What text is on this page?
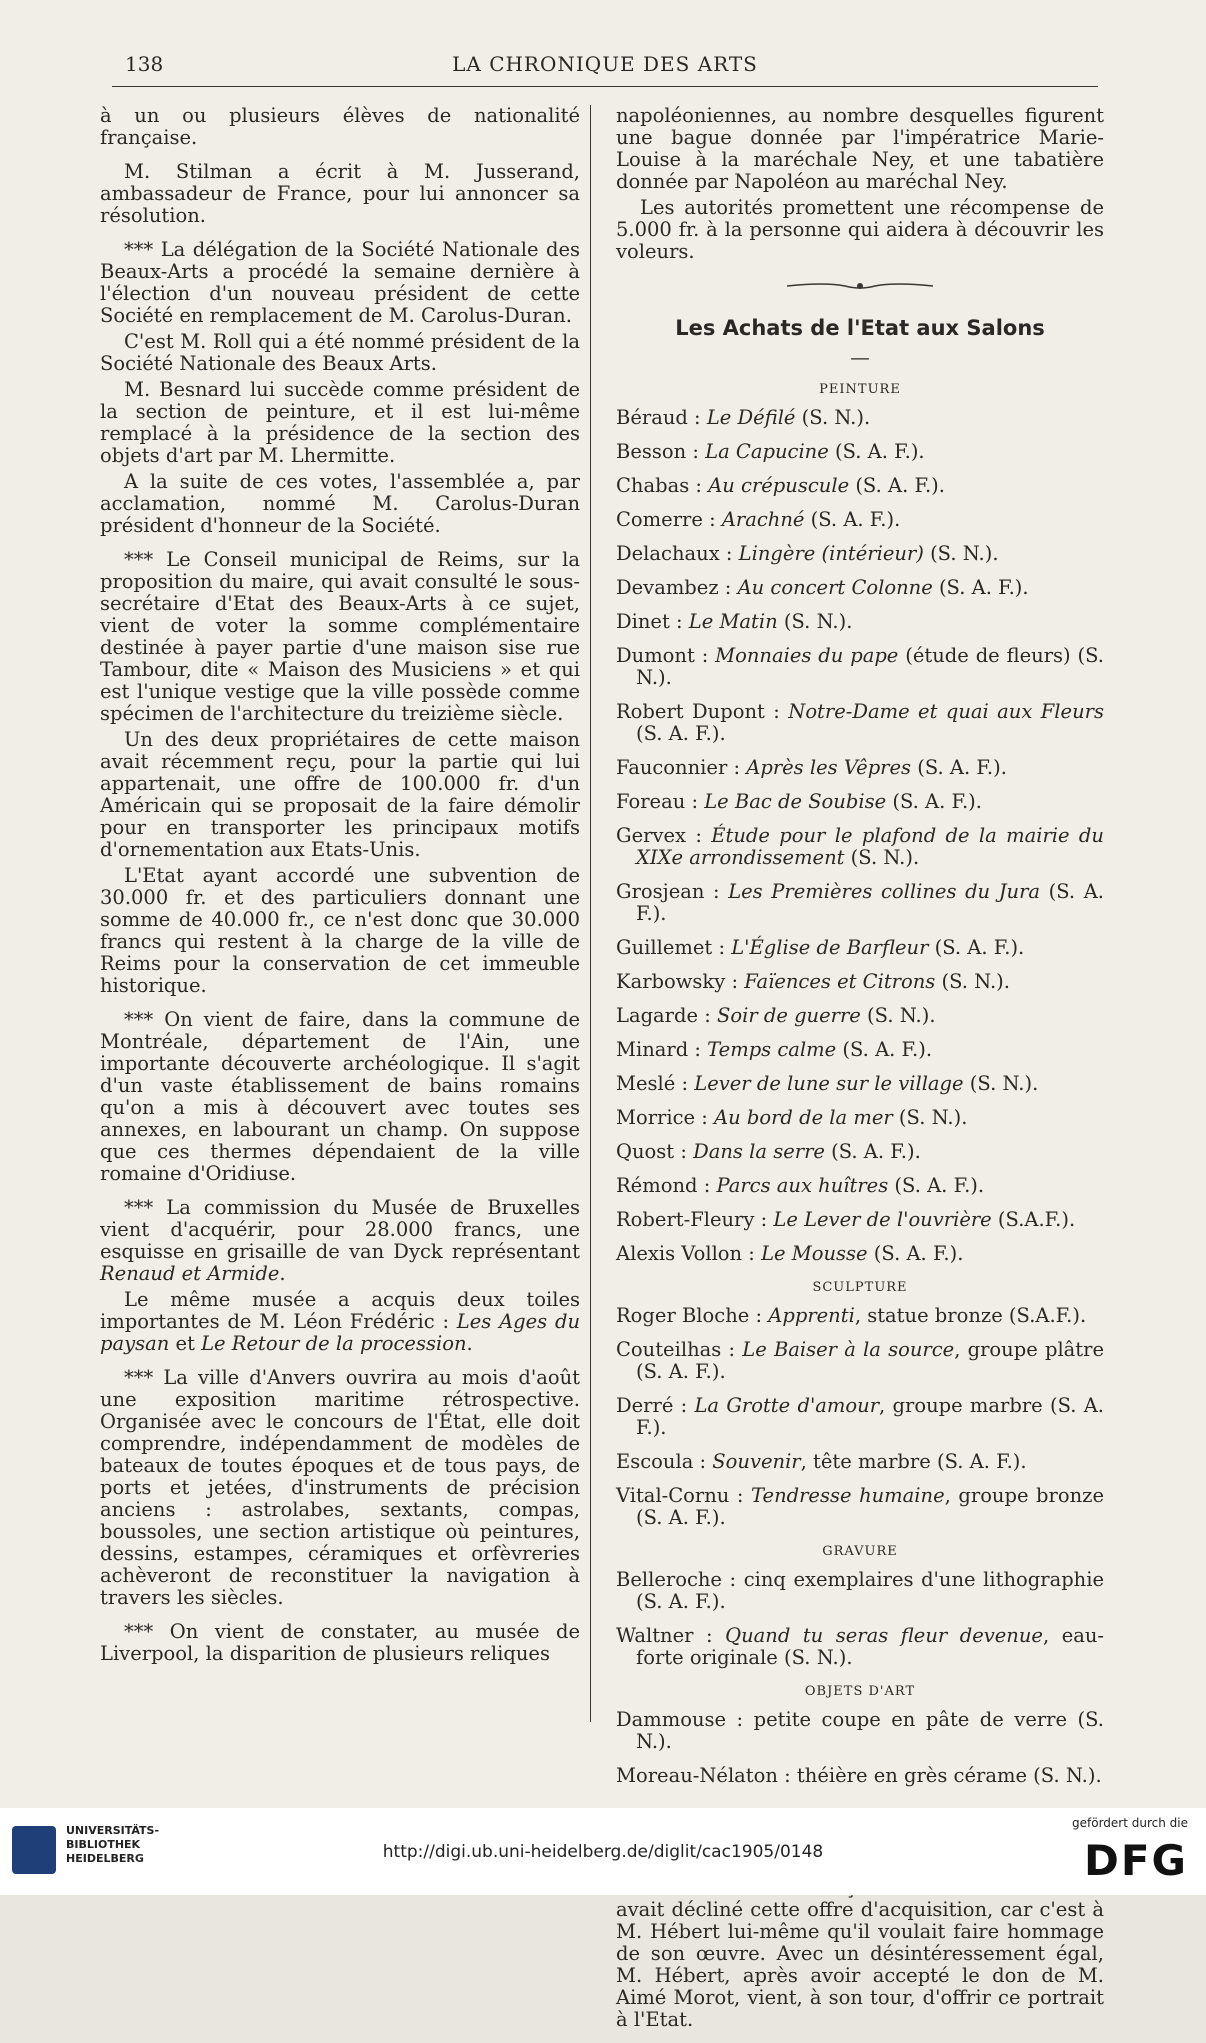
138	LA CHRONIQUE DES ARTS

à un ou plusieurs élèves de nationalité française.

M. Stilman a écrit à M. Jusserand, ambassadeur de France, pour lui annoncer sa résolution.

*** La délégation de la Société Nationale des Beaux-Arts a procédé la semaine dernière à l'élection d'un nouveau président de cette Société en remplacement de M. Carolus-Duran.

C'est M. Roll qui a été nommé président de la Société Nationale des Beaux Arts.

M. Besnard lui succède comme président de la section de peinture, et il est lui-même remplacé à la présidence de la section des objets d'art par M. Lhermitte.

A la suite de ces votes, l'assemblée a, par acclamation, nommé M. Carolus-Duran président d'honneur de la Société.

*** Le Conseil municipal de Reims, sur la proposition du maire, qui avait consulté le sous-secrétaire d'Etat des Beaux-Arts à ce sujet, vient de voter la somme complémentaire destinée à payer partie d'une maison sise rue Tambour, dite « Maison des Musiciens » et qui est l'unique vestige que la ville possède comme spécimen de l'architecture du treizième siècle.

Un des deux propriétaires de cette maison avait récemment reçu, pour la partie qui lui appartenait, une offre de 100.000 fr. d'un Américain qui se proposait de la faire démolir pour en transporter les principaux motifs d'ornementation aux Etats-Unis.

L'Etat ayant accordé une subvention de 30.000 fr. et des particuliers donnant une somme de 40.000 fr., ce n'est donc que 30.000 francs qui restent à la charge de la ville de Reims pour la conservation de cet immeuble historique.

*** On vient de faire, dans la commune de Montréale, département de l'Ain, une importante découverte archéologique. Il s'agit d'un vaste établissement de bains romains qu'on a mis à découvert avec toutes ses annexes, en labourant un champ. On suppose que ces thermes dépendaient de la ville romaine d'Oridiuse.

*** La commission du Musée de Bruxelles vient d'acquérir, pour 28.000 francs, une esquisse en grisaille de van Dyck représentant Renaud et Armide.

Le même musée a acquis deux toiles importantes de M. Léon Frédéric : Les Ages du paysan et Le Retour de la procession.

*** La ville d'Anvers ouvrira au mois d'août une exposition maritime rétrospective. Organisée avec le concours de l'État, elle doit comprendre, indépendamment de modèles de bateaux de toutes époques et de tous pays, de ports et jetées, d'instruments de précision anciens : astrolabes, sextants, compas, boussoles, une section artistique où peintures, dessins, estampes, céramiques et orfèvreries achèveront de reconstituer la navigation à travers les siècles.

*** On vient de constater, au musée de Liverpool, la disparition de plusieurs reliques

napoléoniennes, au nombre desquelles figurent une bague donnée par l'impératrice Marie-Louise à la maréchale Ney, et une tabatière donnée par Napoléon au maréchal Ney.

Les autorités promettent une récompense de 5.000 fr. à la personne qui aidera à découvrir les voleurs.

Les Achats de l'Etat aux Salons
—
PEINTURE

Béraud : Le Défilé (S. N.).

Besson : La Capucine (S. A. F.).

Chabas : Au crépuscule (S. A. F.).

Comerre : Arachné (S. A. F.).

Delachaux : Lingère (intérieur) (S. N.).

Devambez : Au concert Colonne (S. A. F.).

Dinet : Le Matin (S. N.).

Dumont : Monnaies du pape (étude de fleurs) (S. N.).

Robert Dupont : Notre-Dame et quai aux Fleurs (S. A. F.).

Fauconnier : Après les Vêpres (S. A. F.).

Foreau : Le Bac de Soubise (S. A. F.).

Gervex : Étude pour le plafond de la mairie du XIXe arrondissement (S. N.).

Grosjean : Les Premières collines du Jura (S. A. F.).

Guillemet : L'Église de Barfleur (S. A. F.).

Karbowsky : Faïences et Citrons (S. N.).

Lagarde : Soir de guerre (S. N.).

Minard : Temps calme (S. A. F.).

Meslé : Lever de lune sur le village (S. N.).

Morrice : Au bord de la mer (S. N.).

Quost : Dans la serre (S. A. F.).

Rémond : Parcs aux huîtres (S. A. F.).

Robert-Fleury : Le Lever de l'ouvrière (S.A.F.).

Alexis Vollon : Le Mousse (S. A. F.).

SCULPTURE

Roger Bloche : Apprenti, statue bronze (S.A.F.).

Couteilhas : Le Baiser à la source, groupe plâtre (S. A. F.).

Derré : La Grotte d'amour, groupe marbre (S. A. F.).

Escoula : Souvenir, tête marbre (S. A. F.).

Vital-Cornu : Tendresse humaine, groupe bronze (S. A. F.).

GRAVURE

Belleroche : cinq exemplaires d'une lithographie (S. A. F.).

Waltner : Quand tu seras fleur devenue, eau-forte originale (S. N.).

OBJETS D'ART

Dammouse : petite coupe en pâte de verre (S. N.).

Moreau-Nélaton : théière en grès cérame (S. N.).

avait décliné cette offre d'acquisition, car c'est à M. Hébert lui-même qu'il voulait faire hommage de son œuvre. Avec un désintéressement égal, M. Hébert, après avoir accepté le don de M. Aimé Morot, vient, à son tour, d'offrir ce portrait à l'Etat.

UNIVERSITÄTS-
BIBLIOTHEK
HEIDELBERG	http://digi.ub.uni-heidelberg.de/diglit/cac1905/0148
gefördert durch die
DFG
